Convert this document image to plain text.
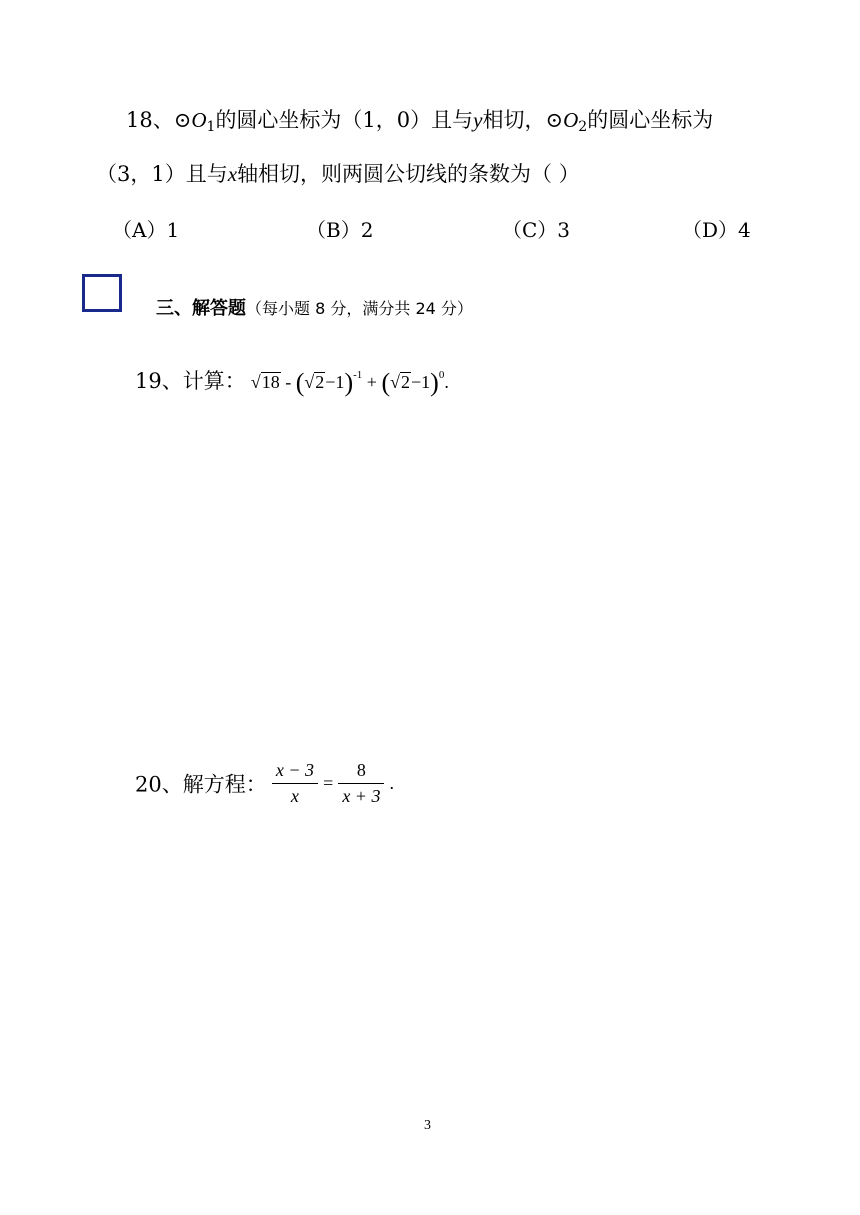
18、$⊙O_1$的圆心坐标为（1，0）且与y相切，$⊙O_2$的圆心坐标为
（3，1）且与x轴相切，则两圆公切线的条数为（ ）
（A）1	（B）2	（C）3	（D）4
三、解答题（每小题 8 分，满分共 24 分）
19、计算： $√18 - (√2-1)^{-1} + (√2-1)^0$.
20、解方程： $\frac{x - 3}{x} = \frac{8}{x + 3}$ .
3
